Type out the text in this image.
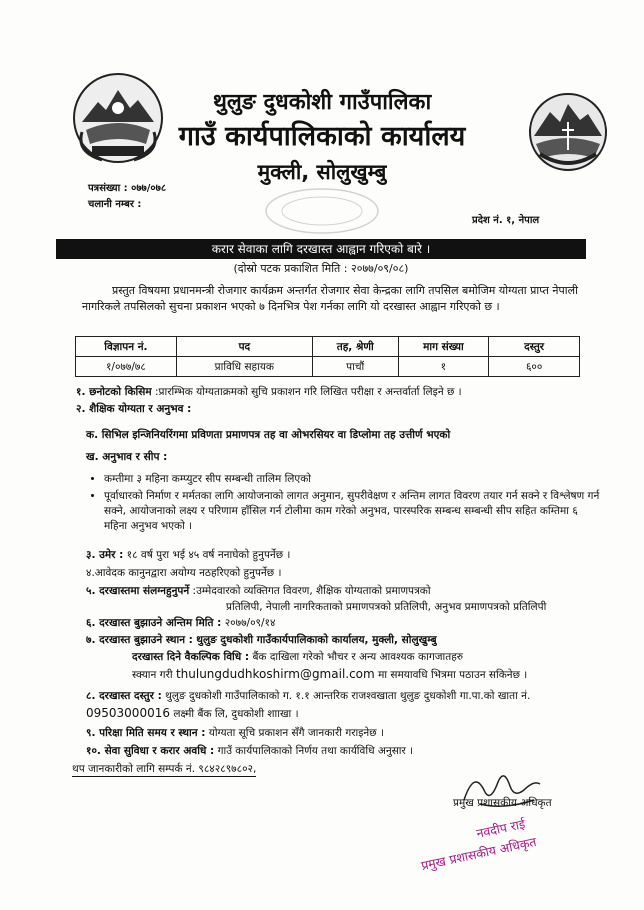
थुलुङ दुधकोशी गाउँपालिका
गाउँ कार्यपालिकाको कार्यालय
मुक्ली, सोलुखुम्बु
पत्रसंख्या : ०७७/०७८
चलानी नम्बर :
प्रदेश नं. १, नेपाल
करार सेवाका लागि दरखास्त आह्वान गरिएको बारे ।
(दोस्रो पटक प्रकाशित मिति : २०७७/०९/०८)
प्रस्तुत विषयमा प्रधानमन्त्री रोजगार कार्यक्रम अन्तर्गत रोजगार सेवा केन्द्रका लागि तपसिल बमोजिम योग्यता प्राप्त नेपाली नागरिकले तपसिलको सुचना प्रकाशन भएको ७ दिनभित्र पेश गर्नका लागि यो दरखास्त आह्वान गरिएको छ ।
विज्ञापन नं.	पद	तह, श्रेणी	माग संख्या	दस्तुर
१/०७७/७८	प्राविधि सहायक	पाचौं	१	६००
१. छनोटको किसिम :प्रारम्भिक योग्यताक्रमको सुचि प्रकाशन गरि लिखित परीक्षा र अन्तर्वार्ता लिइने छ ।
२. शैक्षिक योग्यता र अनुभव :
क. सिभिल इन्जिनियरिंगमा प्रविणता प्रमाणपत्र तह वा ओभरसियर वा डिप्लोमा तह उत्तीर्ण भएको
ख. अनुभाव र सीप :
• कम्तीमा ३ महिना कम्प्युटर सीप सम्बन्धी तालिम लिएको
• पूर्वाधारको निर्माण र मर्मतका लागि आयोजनाको लागत अनुमान, सुपरीवेक्षण र अन्तिम लागत विवरण तयार गर्न सक्ने र विश्लेषण गर्न सक्ने, आयोजनाको लक्ष्य र परिणाम हाँसिल गर्न टोलीमा काम गरेको अनुभव, पारस्परिक सम्बन्ध सम्बन्धी सीप सहित कम्तिमा ६ महिना अनुभव भएको ।
३. उमेर : १८ वर्ष पुरा भई ४५ वर्ष ननाघेको हुनुपर्नेछ ।
४.आवेदक कानुनद्वारा अयोग्य नठहरिएको हुनुपर्नेछ ।
५. दरखास्तमा संलग्नहुनुपर्ने :उम्मेदवारको व्यक्तिगत विवरण, शैक्षिक योग्यताको प्रमाणपत्रको
प्रतिलिपी, नेपाली नागरिकताको प्रमाणपत्रको प्रतिलिपी, अनुभव प्रमाणपत्रको प्रतिलिपी
६. दरखास्त बुझाउने अन्तिम मिति : २०७७/०९/१४
७. दरखास्त बुझाउने स्थान : थुलुङ दुधकोशी गाउँकार्यपालिकाको कार्यालय, मुक्ली, सोलुखुम्बु
दरखास्त दिने वैकल्पिक विधि : बैंक दाखिला गरेको भौचर र अन्य आवश्यक कागजातहरु
स्क्यान गरी thulungdudhkoshirm@gmail.com मा समयावधि भित्रमा पठाउन सकिनेछ ।
८. दरखास्त दस्तुर : थुलुङ दुधकोशी गाउँपालिकाको ग. १.१ आन्तरिक राजश्वखाता थुलुङ दुधकोशी गा.पा.को खाता नं.
09503000016 लक्ष्मी बैंक लि, दुधकोशी शााखा ।
९. परिक्षा मिति समय र स्थान : योग्यता सूचि प्रकाशन सँगै जानकारी गराइनेछ ।
१०. सेवा सुविधा र करार अवधि : गाउँ कार्यपालिकाको निर्णय तथा कार्यविधि अनुसार ।
थप जानकारीको लागि सम्पर्क नं. ९८४२८९७८०२,
प्रमुख प्रशासकीय अधिकृत
नवदीप राई
प्रमुख प्रशासकीय अधिकृत
